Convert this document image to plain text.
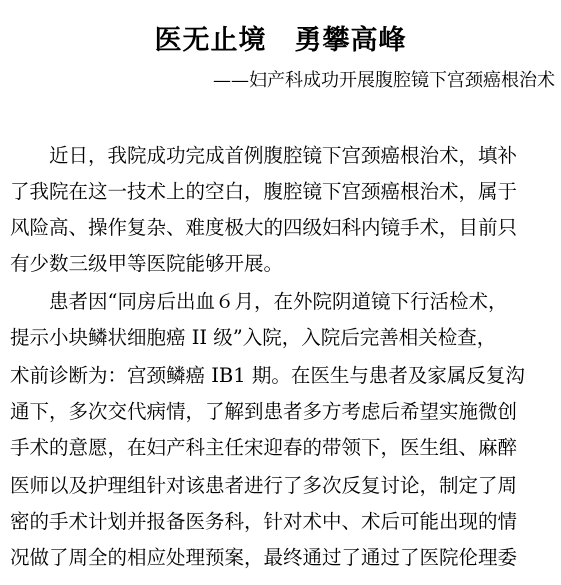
医无止境　勇攀高峰
——妇产科成功开展腹腔镜下宫颈癌根治术
　　近日，我院成功完成首例腹腔镜下宫颈癌根治术，填补
了我院在这一技术上的空白，腹腔镜下宫颈癌根治术，属于
风险高、操作复杂、难度极大的四级妇科内镜手术，目前只
有少数三级甲等医院能够开展。
　　患者因“同房后出血６月，在外院阴道镜下行活检术，
提示小块鳞状细胞癌 II 级”入院，入院后完善相关检查，
术前诊断为：宫颈鳞癌 IB1 期。在医生与患者及家属反复沟
通下，多次交代病情，了解到患者多方考虑后希望实施微创
手术的意愿，在妇产科主任宋迎春的带领下，医生组、麻醉
医师以及护理组针对该患者进行了多次反复讨论，制定了周
密的手术计划并报备医务科，针对术中、术后可能出现的情
况做了周全的相应处理预案，最终通过了通过了医院伦理委
